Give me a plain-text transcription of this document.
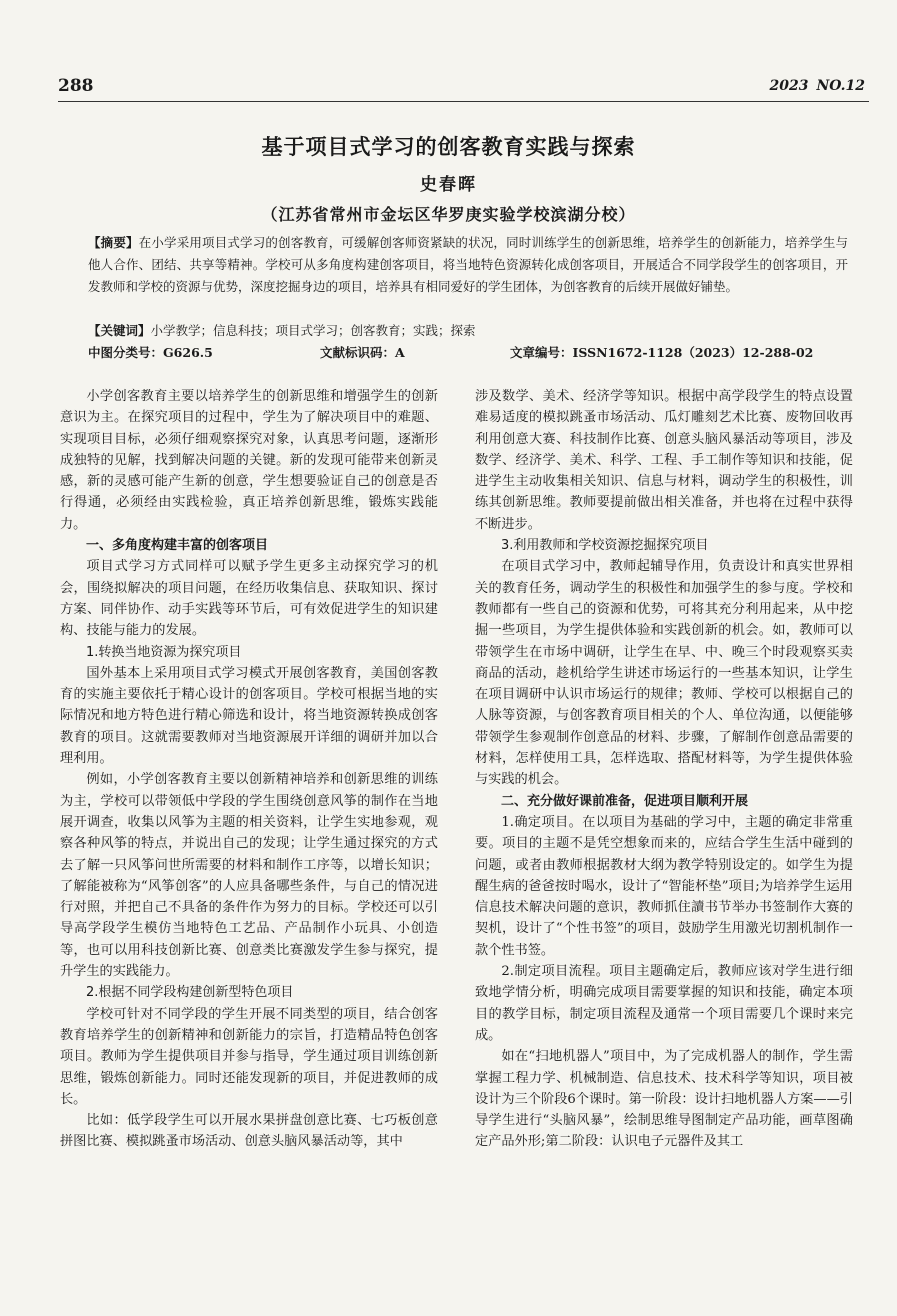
288	2023 NO.12
基于项目式学习的创客教育实践与探索
史春晖
（江苏省常州市金坛区华罗庚实验学校滨湖分校）
【摘要】在小学采用项目式学习的创客教育，可缓解创客师资紧缺的状况，同时训练学生的创新思维，培养学生的创新能力，培养学生与他人合作、团结、共享等精神。学校可从多角度构建创客项目，将当地特色资源转化成创客项目，开展适合不同学段学生的创客项目，开发教师和学校的资源与优势，深度挖掘身边的项目，培养具有相同爱好的学生团体，为创客教育的后续开展做好铺垫。
【关键词】小学教学；信息科技；项目式学习；创客教育；实践；探索
中图分类号：G626.5	文献标识码：A	文章编号：ISSN1672-1128（2023）12-288-02

小学创客教育主要以培养学生的创新思维和增强学生的创新意识为主。在探究项目的过程中，学生为了解决项目中的难题、实现项目目标，必须仔细观察探究对象，认真思考问题，逐渐形成独特的见解，找到解决问题的关键。新的发现可能带来创新灵感，新的灵感可能产生新的创意，学生想要验证自己的创意是否行得通，必须经由实践检验，真正培养创新思维，锻炼实践能力。

一、多角度构建丰富的创客项目

项目式学习方式同样可以赋予学生更多主动探究学习的机会，围绕拟解决的项目问题，在经历收集信息、获取知识、探讨方案、同伴协作、动手实践等环节后，可有效促进学生的知识建构、技能与能力的发展。

1.转换当地资源为探究项目

国外基本上采用项目式学习模式开展创客教育，美国创客教育的实施主要依托于精心设计的创客项目。学校可根据当地的实际情况和地方特色进行精心筛选和设计，将当地资源转换成创客教育的项目。这就需要教师对当地资源展开详细的调研并加以合理利用。

例如，小学创客教育主要以创新精神培养和创新思维的训练为主，学校可以带领低中学段的学生围绕创意风筝的制作在当地展开调查，收集以风筝为主题的相关资料，让学生实地参观，观察各种风筝的特点，并说出自己的发现；让学生通过探究的方式去了解一只风筝问世所需要的材料和制作工序等，以增长知识；了解能被称为“风筝创客”的人应具备哪些条件，与自己的情况进行对照，并把自己不具备的条件作为努力的目标。学校还可以引导高学段学生模仿当地特色工艺品、产品制作小玩具、小创造等，也可以用科技创新比赛、创意类比赛激发学生参与探究，提升学生的实践能力。

2.根据不同学段构建创新型特色项目

学校可针对不同学段的学生开展不同类型的项目，结合创客教育培养学生的创新精神和创新能力的宗旨，打造精品特色创客项目。教师为学生提供项目并参与指导，学生通过项目训练创新思维，锻炼创新能力。同时还能发现新的项目，并促进教师的成长。

比如：低学段学生可以开展水果拼盘创意比赛、七巧板创意拼图比赛、模拟跳蚤市场活动、创意头脑风暴活动等，其中

涉及数学、美术、经济学等知识。根据中高学段学生的特点设置难易适度的模拟跳蚤市场活动、瓜灯雕刻艺术比赛、废物回收再利用创意大赛、科技制作比赛、创意头脑风暴活动等项目，涉及数学、经济学、美术、科学、工程、手工制作等知识和技能，促进学生主动收集相关知识、信息与材料，调动学生的积极性，训练其创新思维。教师要提前做出相关准备，并也将在过程中获得不断进步。

3.利用教师和学校资源挖掘探究项目

在项目式学习中，教师起辅导作用，负责设计和真实世界相关的教育任务，调动学生的积极性和加强学生的参与度。学校和教师都有一些自己的资源和优势，可将其充分利用起来，从中挖掘一些项目，为学生提供体验和实践创新的机会。如，教师可以带领学生在市场中调研，让学生在早、中、晚三个时段观察买卖商品的活动，趁机给学生讲述市场运行的一些基本知识，让学生在项目调研中认识市场运行的规律；教师、学校可以根据自己的人脉等资源，与创客教育项目相关的个人、单位沟通，以便能够带领学生参观制作创意品的材料、步骤，了解制作创意品需要的材料，怎样使用工具，怎样选取、搭配材料等，为学生提供体验与实践的机会。

二、充分做好课前准备，促进项目顺利开展

1.确定项目。在以项目为基础的学习中，主题的确定非常重要。项目的主题不是凭空想象而来的，应结合学生生活中碰到的问题，或者由教师根据教材大纲为教学特别设定的。如学生为提醒生病的爸爸按时喝水，设计了“智能杯垫”项目;为培养学生运用信息技术解决问题的意识，教师抓住讀书节举办书签制作大赛的契机，设计了“个性书签”的项目，鼓励学生用激光切割机制作一款个性书签。

2.制定项目流程。项目主题确定后，教师应该对学生进行细致地学情分析，明确完成项目需要掌握的知识和技能，确定本项目的教学目标，制定项目流程及通常一个项目需要几个课时来完成。

如在“扫地机器人”项目中，为了完成机器人的制作，学生需掌握工程力学、机械制造、信息技术、技术科学等知识，项目被设计为三个阶段6个课时。第一阶段：设计扫地机器人方案——引导学生进行“头脑风暴”，绘制思维导图制定产品功能，画草图确定产品外形;第二阶段：认识电子元器件及其工
